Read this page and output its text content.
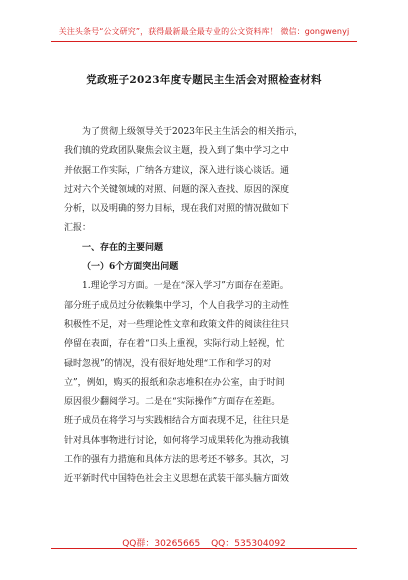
关注头条号“公文研究”，获得最新最全最专业的公文资料库！ 微信：gongwenyj
党政班子2023年度专题民主生活会对照检查材料

为了贯彻上级领导关于2023年民主生活会的相关指示，
我们镇的党政团队聚焦会议主题，投入到了集中学习之中
并依据工作实际，广纳各方建议，深入进行谈心谈话。通
过对六个关键领域的对照、问题的深入查找、原因的深度
分析，以及明确的努力目标，现在我们对照的情况做如下
汇报：

一、存在的主要问题

（一）6个方面突出问题

1.理论学习方面。一是在“深入学习”方面存在差距。
部分班子成员过分依赖集中学习，个人自我学习的主动性
积极性不足，对一些理论性文章和政策文件的阅读往往只
停留在表面，存在着“口头上重视，实际行动上轻视，忙
碌时忽视”的情况，没有很好地处理“工作和学习的对
立”，例如，购买的报纸和杂志堆积在办公室，由于时间
原因很少翻阅学习。二是在“实际操作”方面存在差距。
班子成员在将学习与实践相结合方面表现不足，往往只是
针对具体事物进行讨论，如何将学习成果转化为推动我镇
工作的强有力措施和具体方法的思考还不够多。其次，习
近平新时代中国特色社会主义思想在武装干部头脑方面效

QQ群：30265665 QQ：535304092
